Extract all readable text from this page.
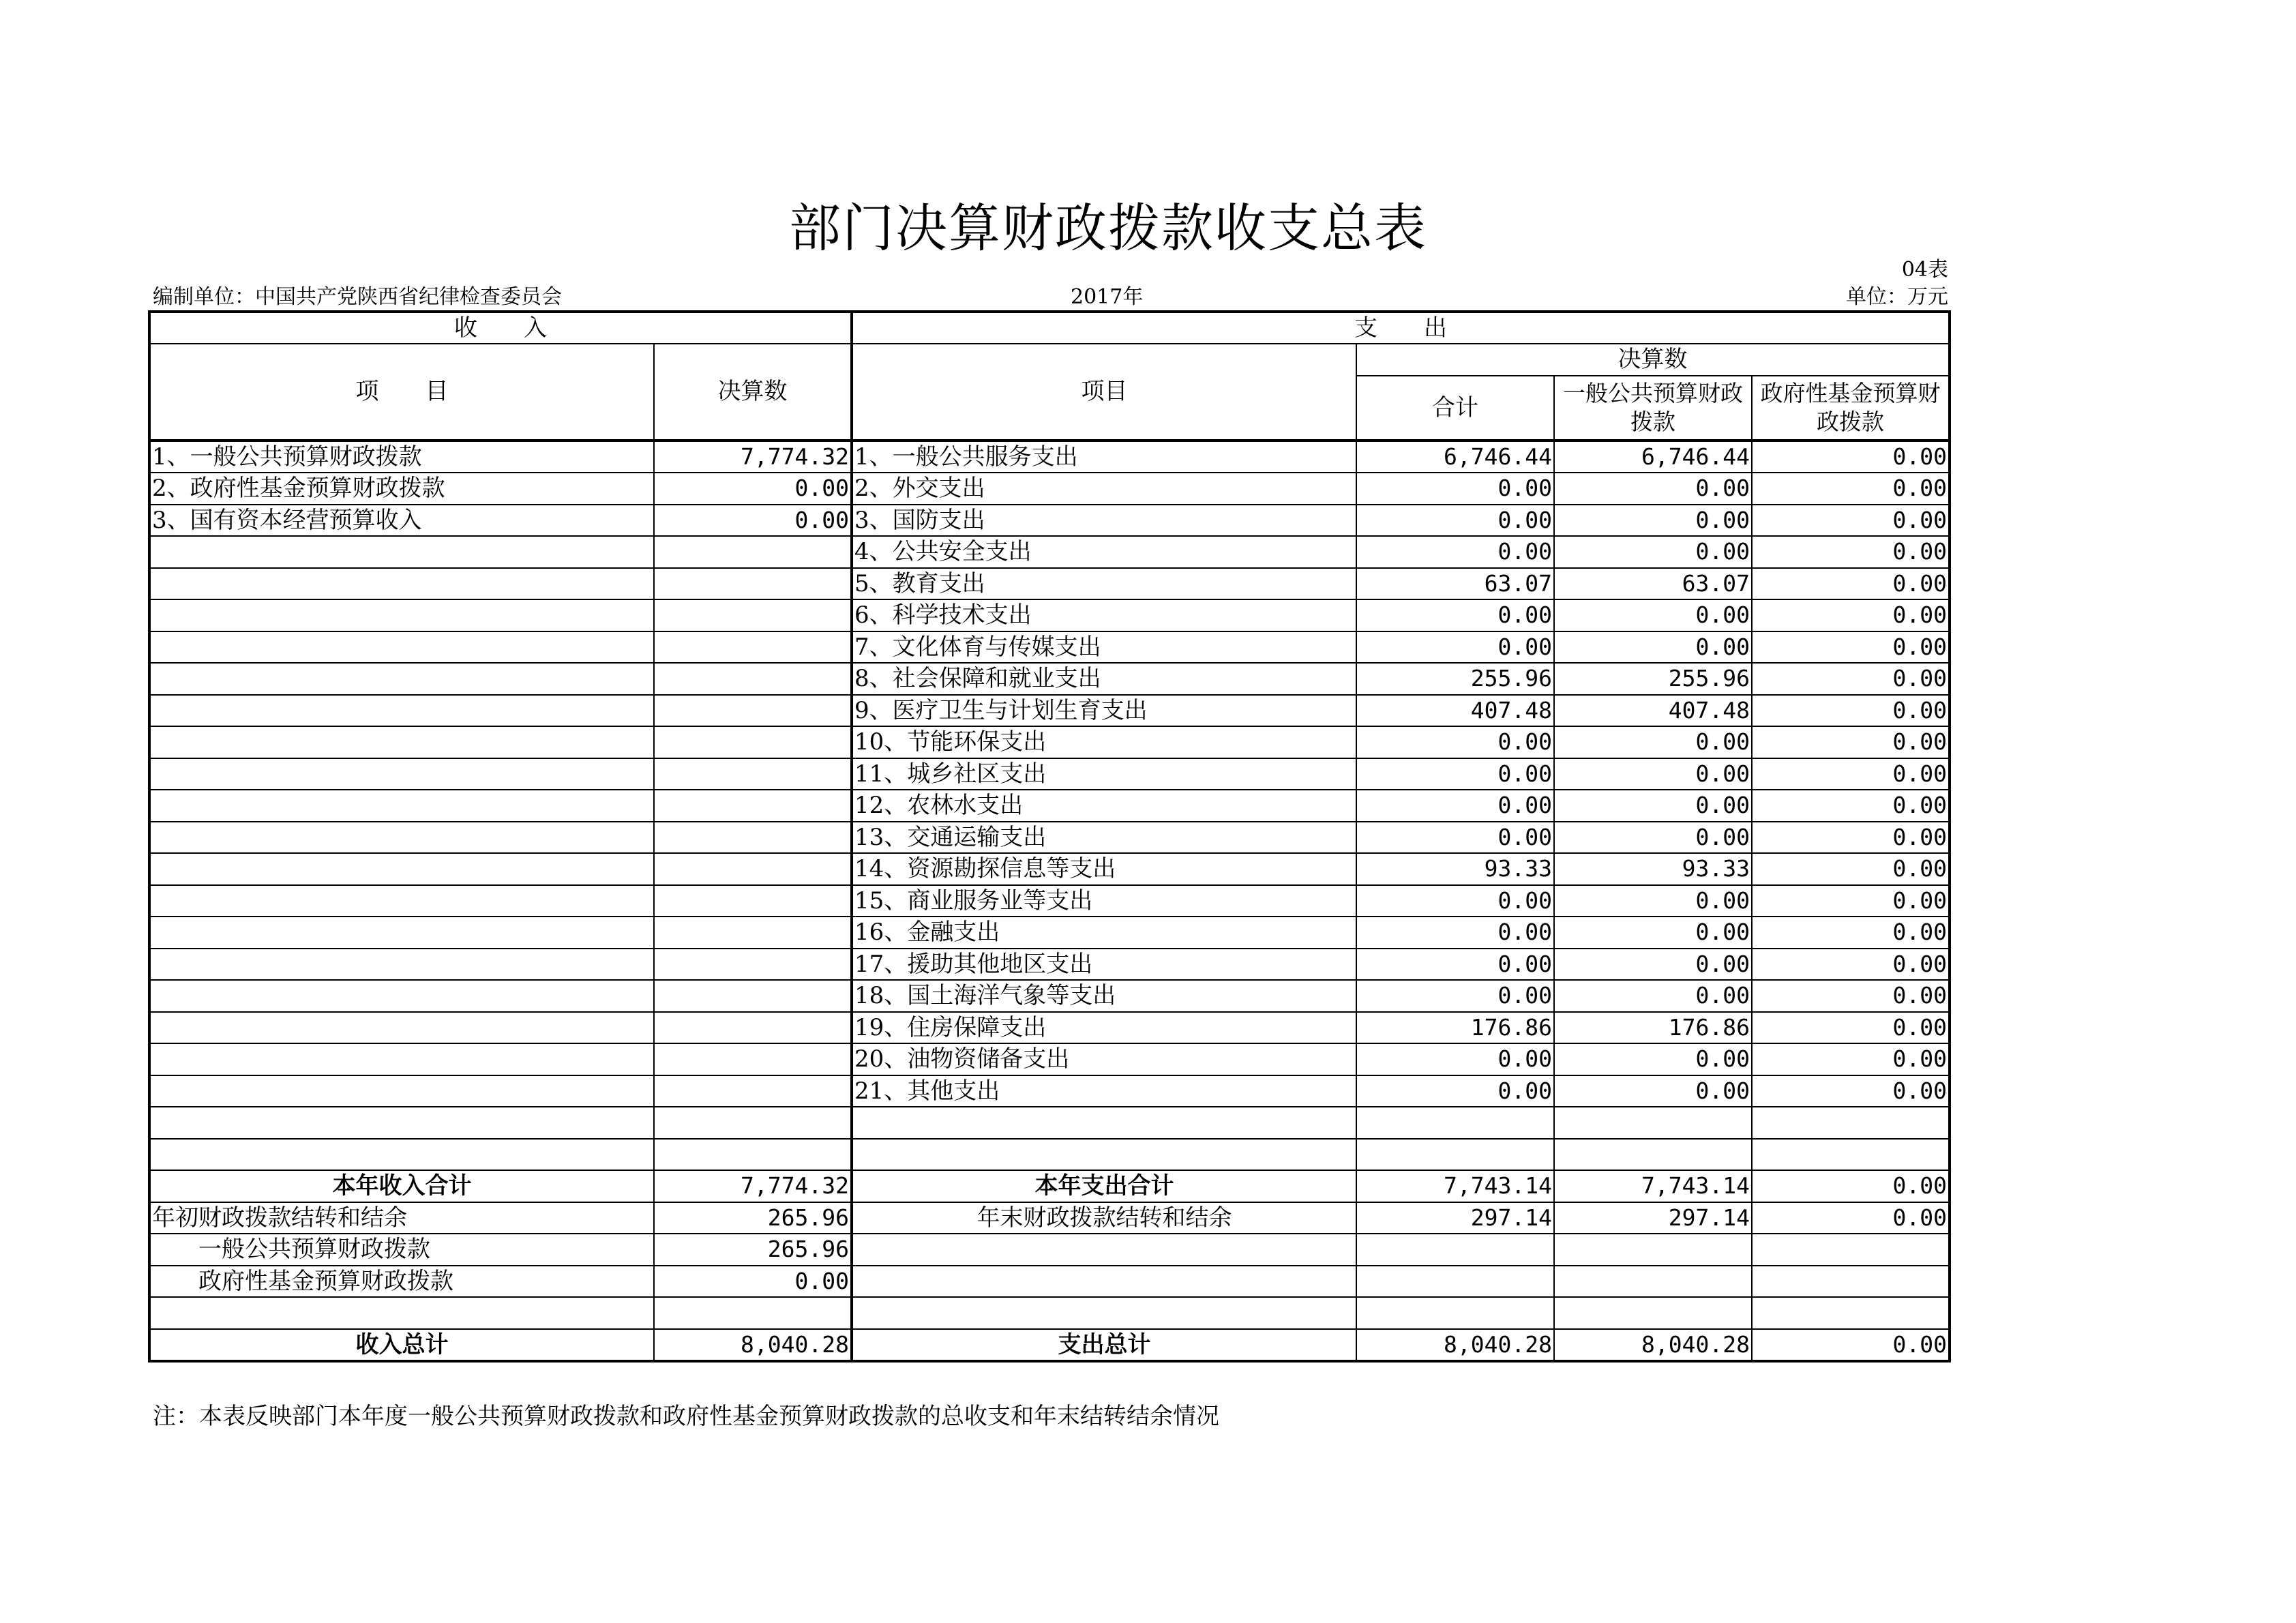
部门决算财政拨款收支总表
04表
编制单位：中国共产党陕西省纪律检查委员会	2017年	单位：万元
收　　入		支　　出			
项　　目	决算数	项目	决算数		
			合计	一般公共预算财政拨款	政府性基金预算财政拨款
1、一般公共预算财政拨款	7,774.32	1、一般公共服务支出	6,746.44	6,746.44	0.00
2、政府性基金预算财政拨款	0.00	2、外交支出	0.00	0.00	0.00
3、国有资本经营预算收入	0.00	3、国防支出	0.00	0.00	0.00
		4、公共安全支出	0.00	0.00	0.00
		5、教育支出	63.07	63.07	0.00
		6、科学技术支出	0.00	0.00	0.00
		7、文化体育与传媒支出	0.00	0.00	0.00
		8、社会保障和就业支出	255.96	255.96	0.00
		9、医疗卫生与计划生育支出	407.48	407.48	0.00
		10、节能环保支出	0.00	0.00	0.00
		11、城乡社区支出	0.00	0.00	0.00
		12、农林水支出	0.00	0.00	0.00
		13、交通运输支出	0.00	0.00	0.00
		14、资源勘探信息等支出	93.33	93.33	0.00
		15、商业服务业等支出	0.00	0.00	0.00
		16、金融支出	0.00	0.00	0.00
		17、援助其他地区支出	0.00	0.00	0.00
		18、国土海洋气象等支出	0.00	0.00	0.00
		19、住房保障支出	176.86	176.86	0.00
		20、油物资储备支出	0.00	0.00	0.00
		21、其他支出	0.00	0.00	0.00

本年收入合计	7,774.32	本年支出合计	7,743.14	7,743.14	0.00
年初财政拨款结转和结余	265.96	年末财政拨款结转和结余	297.14	297.14	0.00
一般公共预算财政拨款	265.96				
政府性基金预算财政拨款	0.00				

收入总计	8,040.28	支出总计	8,040.28	8,040.28	0.00
注：本表反映部门本年度一般公共预算财政拨款和政府性基金预算财政拨款的总收支和年末结转结余情况
